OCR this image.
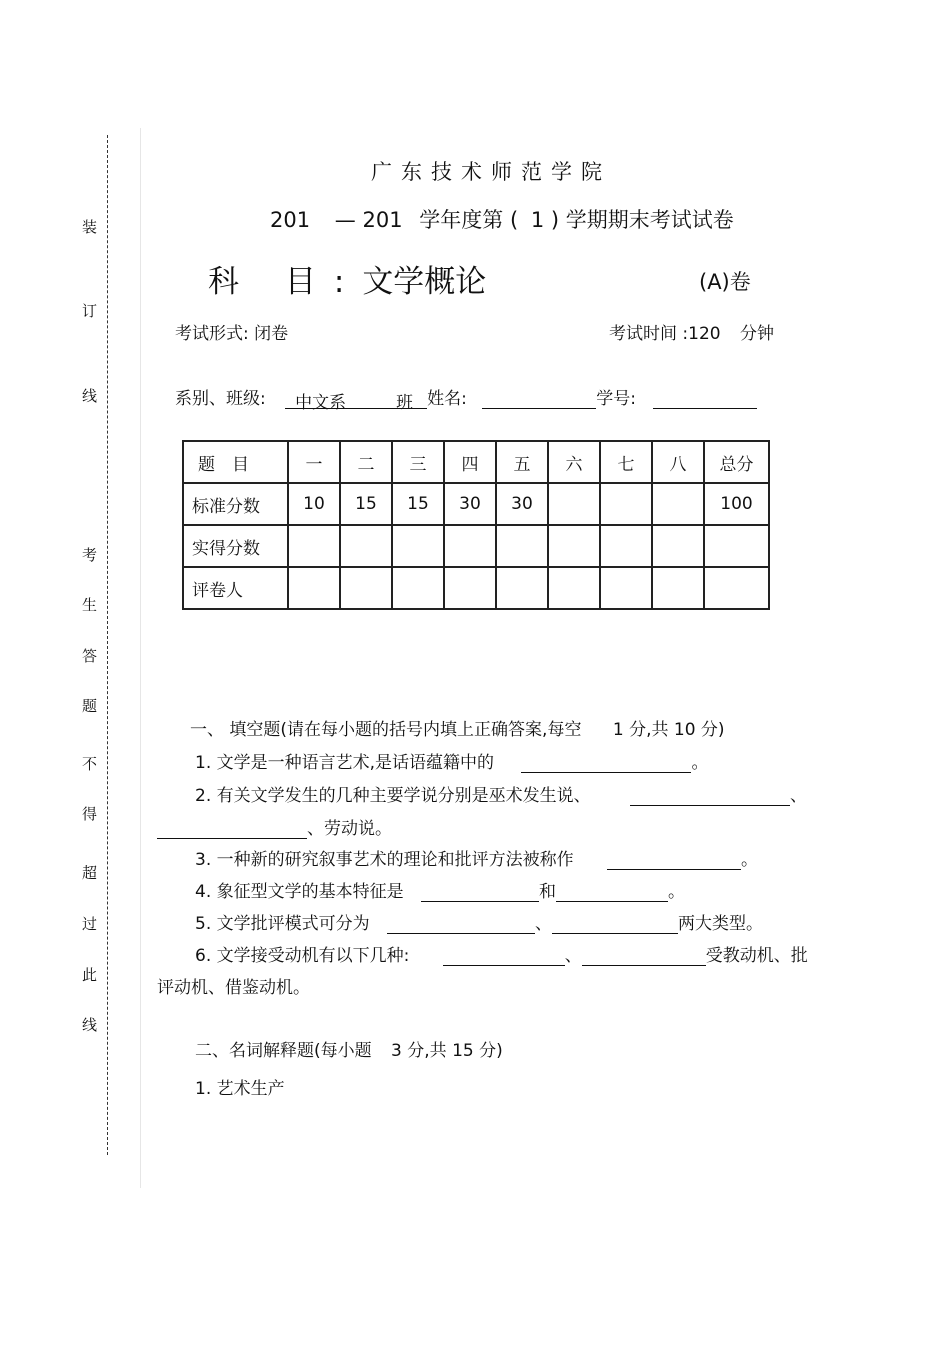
装
订
线
考
生
答
题
不
得
超
过
此
线
广东技术师范学院
201 — 201 学年度第 ( 1 ) 学期期末考试试卷
科 目:文学概论	(A)卷
考试形式: 闭卷	考试时间 :120 分钟
系别、班级: 中文系	班 姓名:	学号:
题　目	一	二	三	四	五	六	七	八	总分
标准分数	10	15	15	30	30				100
实得分数									
评卷人									
一、 填空题(请在每小题的括号内填上正确答案,每空 1 分,共 10 分)
1. 文学是一种语言艺术,是话语蕴籍中的	。
2. 有关文学发生的几种主要学说分别是巫术发生说、	、
、劳动说。
3. 一种新的研究叙事艺术的理论和批评方法被称作	。
4. 象征型文学的基本特征是	和	。
5. 文学批评模式可分为	、	两大类型。
6. 文学接受动机有以下几种:	、	受教动机、批
评动机、借鉴动机。
二、名词解释题(每小题 3 分,共 15 分)
1. 艺术生产
